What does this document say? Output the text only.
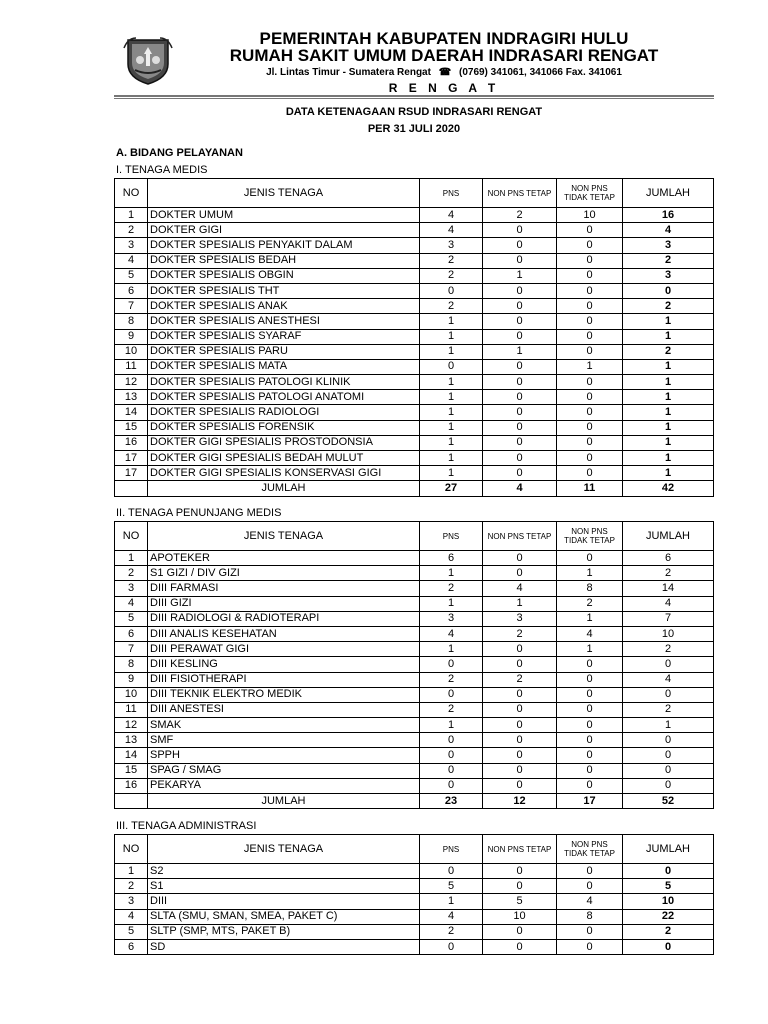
PEMERINTAH KABUPATEN INDRAGIRI HULU
RUMAH SAKIT UMUM DAERAH INDRASARI RENGAT
Jl. Lintas Timur - Sumatera Rengat ☎ (0769) 341061, 341066 Fax. 341061
R E N G A T
DATA KETENAGAAN RSUD INDRASARI RENGAT
PER 31 JULI 2020
A. BIDANG PELAYANAN
I. TENAGA MEDIS
NO	JENIS TENAGA	PNS	NON PNS TETAP	NON PNS TIDAK TETAP	JUMLAH
1	DOKTER UMUM	4	2	10	16
2	DOKTER GIGI	4	0	0	4
3	DOKTER SPESIALIS PENYAKIT DALAM	3	0	0	3
4	DOKTER SPESIALIS BEDAH	2	0	0	2
5	DOKTER SPESIALIS OBGIN	2	1	0	3
6	DOKTER SPESIALIS THT	0	0	0	0
7	DOKTER SPESIALIS ANAK	2	0	0	2
8	DOKTER SPESIALIS ANESTHESI	1	0	0	1
9	DOKTER SPESIALIS SYARAF	1	0	0	1
10	DOKTER SPESIALIS PARU	1	1	0	2
11	DOKTER SPESIALIS MATA	0	0	1	1
12	DOKTER SPESIALIS PATOLOGI KLINIK	1	0	0	1
13	DOKTER SPESIALIS PATOLOGI ANATOMI	1	0	0	1
14	DOKTER SPESIALIS RADIOLOGI	1	0	0	1
15	DOKTER SPESIALIS FORENSIK	1	0	0	1
16	DOKTER GIGI SPESIALIS PROSTODONSIA	1	0	0	1
17	DOKTER GIGI SPESIALIS BEDAH MULUT	1	0	0	1
17	DOKTER GIGI SPESIALIS KONSERVASI GIGI	1	0	0	1
	JUMLAH	27	4	11	42
II. TENAGA PENUNJANG MEDIS
NO	JENIS TENAGA	PNS	NON PNS TETAP	NON PNS TIDAK TETAP	JUMLAH
1	APOTEKER	6	0	0	6
2	S1 GIZI / DIV GIZI	1	0	1	2
3	DIII FARMASI	2	4	8	14
4	DIII GIZI	1	1	2	4
5	DIII RADIOLOGI & RADIOTERAPI	3	3	1	7
6	DIII ANALIS KESEHATAN	4	2	4	10
7	DIII PERAWAT GIGI	1	0	1	2
8	DIII KESLING	0	0	0	0
9	DIII FISIOTHERAPI	2	2	0	4
10	DIII TEKNIK ELEKTRO MEDIK	0	0	0	0
11	DIII ANESTESI	2	0	0	2
12	SMAK	1	0	0	1
13	SMF	0	0	0	0
14	SPPH	0	0	0	0
15	SPAG / SMAG	0	0	0	0
16	PEKARYA	0	0	0	0
	JUMLAH	23	12	17	52
III. TENAGA ADMINISTRASI
NO	JENIS TENAGA	PNS	NON PNS TETAP	NON PNS TIDAK TETAP	JUMLAH
1	S2	0	0	0	0
2	S1	5	0	0	5
3	DIII	1	5	4	10
4	SLTA (SMU, SMAN, SMEA, PAKET C)	4	10	8	22
5	SLTP (SMP, MTS, PAKET B)	2	0	0	2
6	SD	0	0	0	0
